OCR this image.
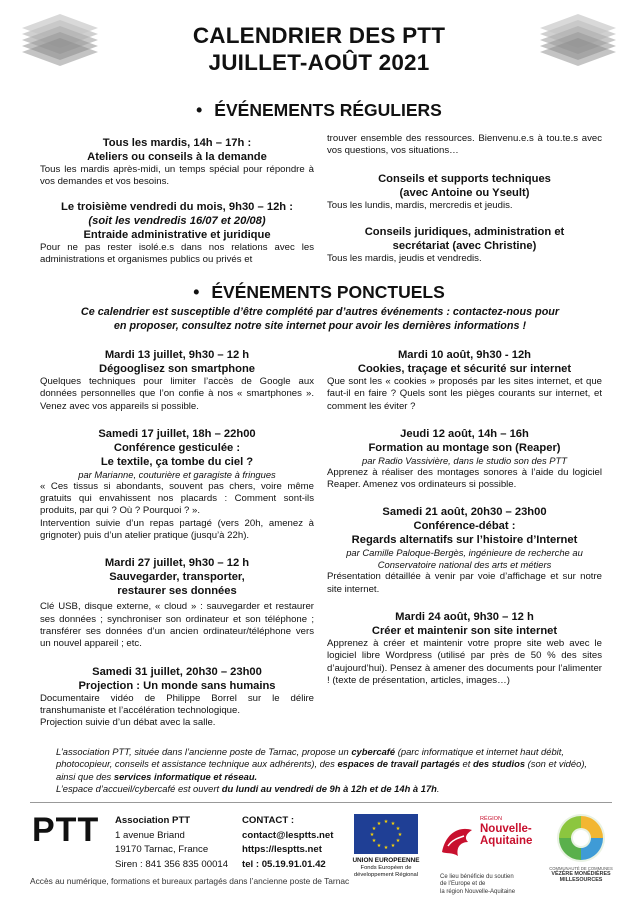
CALENDRIER DES PTT
JUILLET-AOÛT 2021
• ÉVÉNEMENTS RÉGULIERS
Tous les mardis, 14h – 17h :
Ateliers ou conseils à la demande
Tous les mardis après-midi, un temps spécial pour répondre à vos demandes et vos besoins.
Le troisième vendredi du mois, 9h30 – 12h :
(soit les vendredis 16/07 et 20/08)
Entraide administrative et juridique
Pour ne pas rester isolé.e.s dans nos relations avec les administrations et organismes publics ou privés et
trouver ensemble des ressources. Bienvenu.e.s à tou.te.s avec vos questions, vos situations…
Conseils et supports techniques
(avec Antoine ou Yseult)
Tous les lundis, mardis, mercredis et jeudis.
Conseils juridiques, administration et
secrétariat (avec Christine)
Tous les mardis, jeudis et vendredis.
• ÉVÉNEMENTS PONCTUELS
Ce calendrier est susceptible d’être complété par d’autres événements : contactez-nous pour
en proposer, consultez notre site internet pour avoir les dernières informations !
Mardi 13 juillet, 9h30 – 12 h
Dégooglisez son smartphone
Quelques techniques pour limiter l’accès de Google aux données personnelles que l’on confie à nos « smartphones ». Venez avec vos appareils si possible.
Samedi 17 juillet, 18h – 22h00
Conférence gesticulée :
Le textile, ça tombe du ciel ?
par Marianne, couturière et garagiste à fringues

« Ces tissus si abondants, souvent pas chers, voire même gratuits qui envahissent nos placards : Comment sont-ils produits, par qui ? Où ? Pourquoi ? ».

Intervention suivie d’un repas partagé (vers 20h, amenez à grignoter) puis d’un atelier pratique (jusqu’à 22h).

Mardi 27 juillet, 9h30 – 12 h
Sauvegarder, transporter,
restaurer ses données
Clé USB, disque externe, « cloud » : sauvegarder et restaurer ses données ; synchroniser son ordinateur et son téléphone ; transférer ses données d’un ancien ordinateur/téléphone vers un nouvel appareil ; etc.
Samedi 31 juillet, 20h30 – 23h00
Projection : Un monde sans humains

Documentaire vidéo de Philippe Borrel sur le délire transhumaniste et l’accélération technologique.

Projection suivie d’un débat avec la salle.

Mardi 10 août, 9h30 - 12h
Cookies, traçage et sécurité sur internet
Que sont les « cookies » proposés par les sites internet, et que faut-il en faire ? Quels sont les pièges courants sur internet, et comment les éviter ?
Jeudi 12 août, 14h – 16h
Formation au montage son (Reaper)
par Radio Vassivière, dans le studio son des PTT
Apprenez à réaliser des montages sonores à l’aide du logiciel Reaper. Amenez vos ordinateurs si possible.
Samedi 21 août, 20h30 – 23h00
Conférence-débat :
Regards alternatifs sur l’histoire d’Internet
par Camille Paloque-Bergès, ingénieure de recherche au Conservatoire national des arts et métiers
Présentation détaillée à venir par voie d’affichage et sur notre site internet.
Mardi 24 août, 9h30 – 12 h
Créer et maintenir son site internet
Apprenez à créer et maintenir votre propre site web avec le logiciel libre Wordpress (utilisé par près de 50 % des sites d’aujourd’hui). Pensez à amener des documents pour l’alimenter ! (texte de présentation, articles, images…)
L’association PTT, située dans l’ancienne poste de Tarnac, propose un cybercafé (parc informatique et internet haut débit, photocopieur, conseils et assistance technique aux adhérents), des espaces de travail partagés et des studios (son et vidéo), ainsi que des services informatique et réseau.
L’espace d’accueil/cybercafé est ouvert du lundi au vendredi de 9h à 12h et de 14h à 17h.
PTT Association PTT
1 avenue Briand
19170 Tarnac, France
Siren : 841 356 835 00014
CONTACT :
contact@lesptts.net
https://lesptts.net
tel : 05.19.91.01.42
★ ★
★
★
★
★
★
★
★
★
★
★
UNION EUROPEENNE
Fonds Européen de
développement Régional
RÉGION
Nouvelle-
Aquitaine
Ce lieu bénéficie du soutien
de l’Europe et de
la région Nouvelle-Aquitaine
COMMUNAUTÉ DE COMMUNES
VÉZÈRE MONÉDIÈRES MILLESOURCES
Accès au numérique, formations et bureaux partagés dans l’ancienne poste de Tarnac
